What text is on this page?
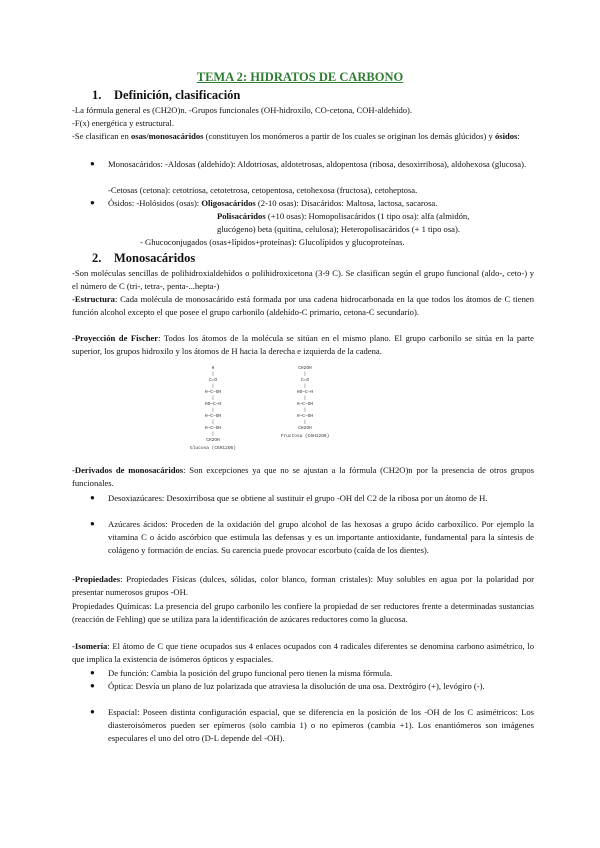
TEMA 2: HIDRATOS DE CARBONO
1. Definición, clasificación
-La fórmula general es (CH2O)n. -Grupos funcionales (OH-hidroxilo, CO-cetona, COH-aldehído).
-F(x) energética y estructural.
-Se clasifican en osas/monosacáridos (constituyen los monómeros a partir de los cuales se originan los demás glúcidos) y ósidos:
● Monosacáridos: -Aldosas (aldehído): Aldotriosas, aldotetrosas, aldopentosa (ribosa, desoxirribosa), aldohexosa (glucosa).
-Cetosas (cetona): cetotriosa, cetotetrosa, cetopentosa, cetohexosa (fructosa), cetoheptosa.
● Ósidos: -Holósidos (osas): Oligosacáridos (2-10 osas): Disacáridos: Maltosa, lactosa, sacarosa.
Polisacáridos (+10 osas): Homopolisacáridos (1 tipo osa): alfa (almidón,
glucógeno) beta (quitina, celulosa); Heteropolisacáridos (+ 1 tipo osa).
- Ghucoconjugados (osas+lípidos+proteínas): Glucolípidos y glucoproteínas.
2. Monosacáridos
-Son moléculas sencillas de polihidroxialdehídos o polihidroxicetona (3-9 C). Se clasifican según el grupo funcional (aldo-, ceto-) y el número de C (tri-, tetra-, penta-...hepta-)
-Estructura: Cada molécula de monosacárido está formada por una cadena hidrocarbonada en la que todos los átomos de C tienen función alcohol excepto el que posee el grupo carbonilo (aldehído-C primario, cetona-C secundario).
-Proyección de Fischer: Todos los átomos de la molécula se sitúan en el mismo plano. El grupo carbonilo se sitúa en la parte superior, los grupos hidroxilo y los átomos de H hacia la derecha e izquierda de la cadena.
H
|
C=O
|
H—C—OH
|
HO—C—H
|
H—C—OH
|
H—C—OH
|
CH2OH
Glucosa (C6H12O6)
CH2OH
|
C=O
|
HO—C—H
|
H—C—OH
|
H—C—OH
|
CH2OH
Fructosa (C6H12O6)
-Derivados de monosacáridos: Son excepciones ya que no se ajustan a la fórmula (CH2O)n por la presencia de otros grupos funcionales.
● Desoxiazúcares: Desoxirribosa que se obtiene al sustituir el grupo -OH del C2 de la ribosa por un átomo de H.
● Azúcares ácidos: Proceden de la oxidación del grupo alcohol de las hexosas a grupo ácido carboxílico. Por ejemplo la vitamina C o ácido ascórbico que estimula las defensas y es un importante antioxidante, fundamental para la síntesis de colágeno y formación de encías. Su carencia puede provocar escorbuto (caída de los dientes).
-Propiedades: Propiedades Físicas (dulces, sólidas, color blanco, forman cristales): Muy solubles en agua por la polaridad por presentar numerosos grupos -OH.
Propiedades Químicas: La presencia del grupo carbonilo les confiere la propiedad de ser reductores frente a determinadas sustancias (reacción de Fehling) que se utiliza para la identificación de azúcares reductores como la glucosa.
-Isomería: El átomo de C que tiene ocupados sus 4 enlaces ocupados con 4 radicales diferentes se denomina carbono asimétrico, lo que implica la existencia de isómeros ópticos y espaciales.
● De función: Cambia la posición del grupo funcional pero tienen la misma fórmula.
● Óptica: Desvía un plano de luz polarizada que atraviesa la disolución de una osa. Dextrógiro (+), levógiro (-).
● Espacial: Poseen distinta configuración espacial, que se diferencia en la posición de los -OH de los C asimétricos: Los diasteroisómeros pueden ser epímeros (solo cambia 1) o no epímeros (cambia +1). Los enantiómeros son imágenes especulares el uno del otro (D-L depende del -OH).
